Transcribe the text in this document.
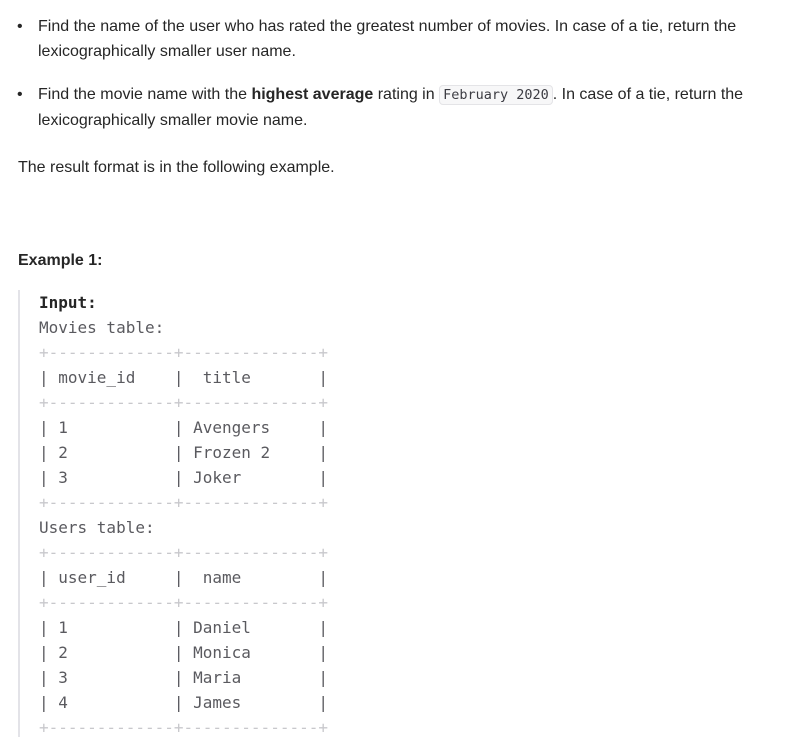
• Find the name of the user who has rated the greatest number of movies. In case of a tie, return the lexicographically smaller user name.
• Find the movie name with the highest average rating in February 2020 . In case of a tie, return the lexicographically smaller movie name.

The result format is in the following example.

Example 1:

Input:
Movies table:
+-------------+--------------+
| movie_id    |  title       |
+-------------+--------------+
| 1           | Avengers     |
| 2           | Frozen 2     |
| 3           | Joker        |
+-------------+--------------+
Users table:
+-------------+--------------+
| user_id     |  name        |
+-------------+--------------+
| 1           | Daniel       |
| 2           | Monica       |
| 3           | Maria        |
| 4           | James        |
+-------------+--------------+
